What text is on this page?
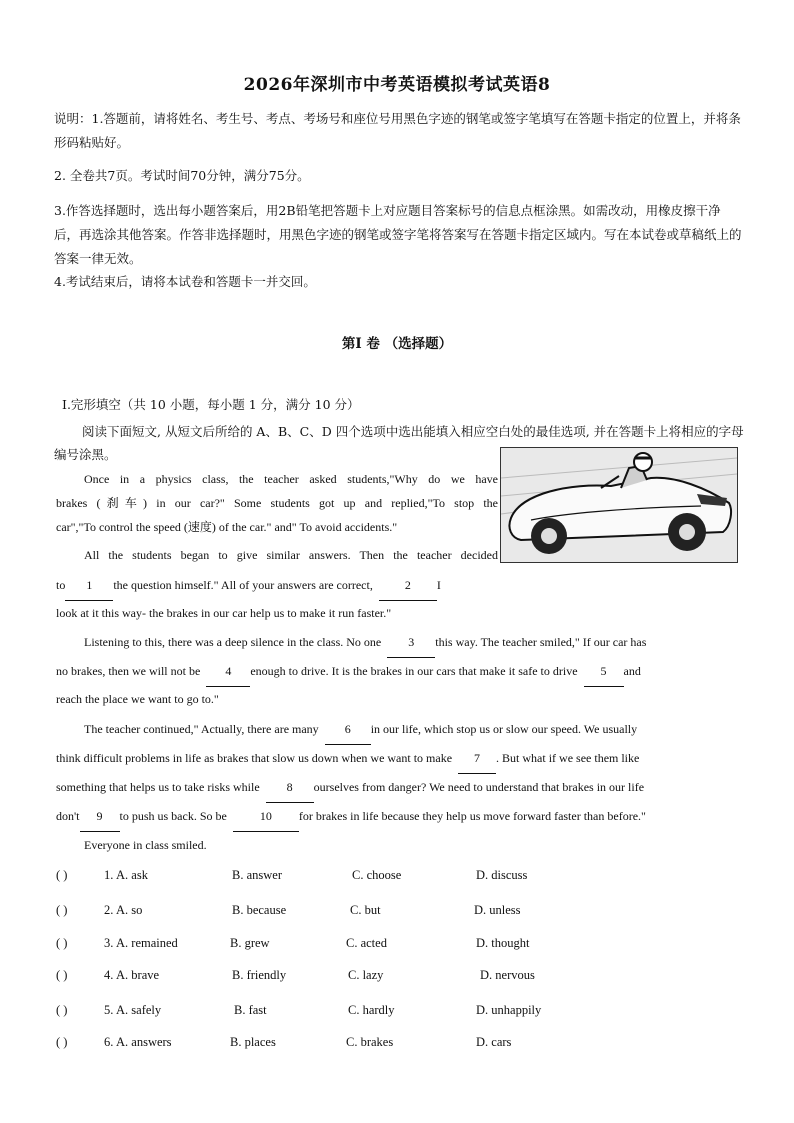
2026年深圳市中考英语模拟考试英语8
说明：1.答题前，请将姓名、考生号、考点、考场号和座位号用黑色字迹的钢笔或签字笔填写在答题卡指定的位置上，并将条形码粘贴好。
2. 全卷共7页。考试时间70分钟，满分75分。
3.作答选择题时，选出每小题答案后，用2B铅笔把答题卡上对应题目答案标号的信息点框涂黑。如需改动，用橡皮擦干净后，再选涂其他答案。作答非选择题时，用黑色字迹的钢笔或签字笔将答案写在答题卡指定区域内。写在本试卷或草稿纸上的答案一律无效。
4.考试结束后，请将本试卷和答题卡一并交回。
第Ⅰ 卷 （选择题）
Ⅰ.完形填空（共 10 小题，每小题 1 分，满分 10 分）
阅读下面短文, 从短文后所给的 A、B、C、D 四个选项中选出能填入相应空白处的最佳选项, 并在答题卡上将相应的字母编号涂黑。
Once in a physics class, the teacher asked students,"Why do we have
brakes (刹车) in our car?" Some students got up and replied,"To stop the
car","To control the speed (速度) of the car." and" To avoid accidents."
All the students began to give similar answers. Then the teacher decided
to 1 the question himself." All of your answers are correct,	2 I
look at it this way- the brakes in our car help us to make it run faster."
Listening to this, there was a deep silence in the class. No one 3 this way. The teacher smiled," If our car has
no brakes, then we will not be 4 enough to drive. It is the brakes in our cars that make it safe to drive 5 and
reach the place we want to go to."
The teacher continued," Actually, there are many 6 in our life, which stop us or slow our speed. We usually
think difficult problems in life as brakes that slow us down when we want to make 7 . But what if we see them like
something that helps us to take risks while 8 ourselves from danger? We need to understand that brakes in our life
don't 9 to push us back. So be	10 for brakes in life because they help us move forward faster than before."
Everyone in class smiled.
( )	1. A. ask	B. answer	C. choose	D. discuss
( )	2. A. so	B. because	C. but	D. unless
( )	3. A. remained	B. grew	C. acted	D. thought
( )	4. A. brave	B. friendly	C. lazy	D. nervous
( )	5. A. safely	B. fast	C. hardly	D. unhappily
( )	6. A. answers	B. places	C. brakes	D. cars
